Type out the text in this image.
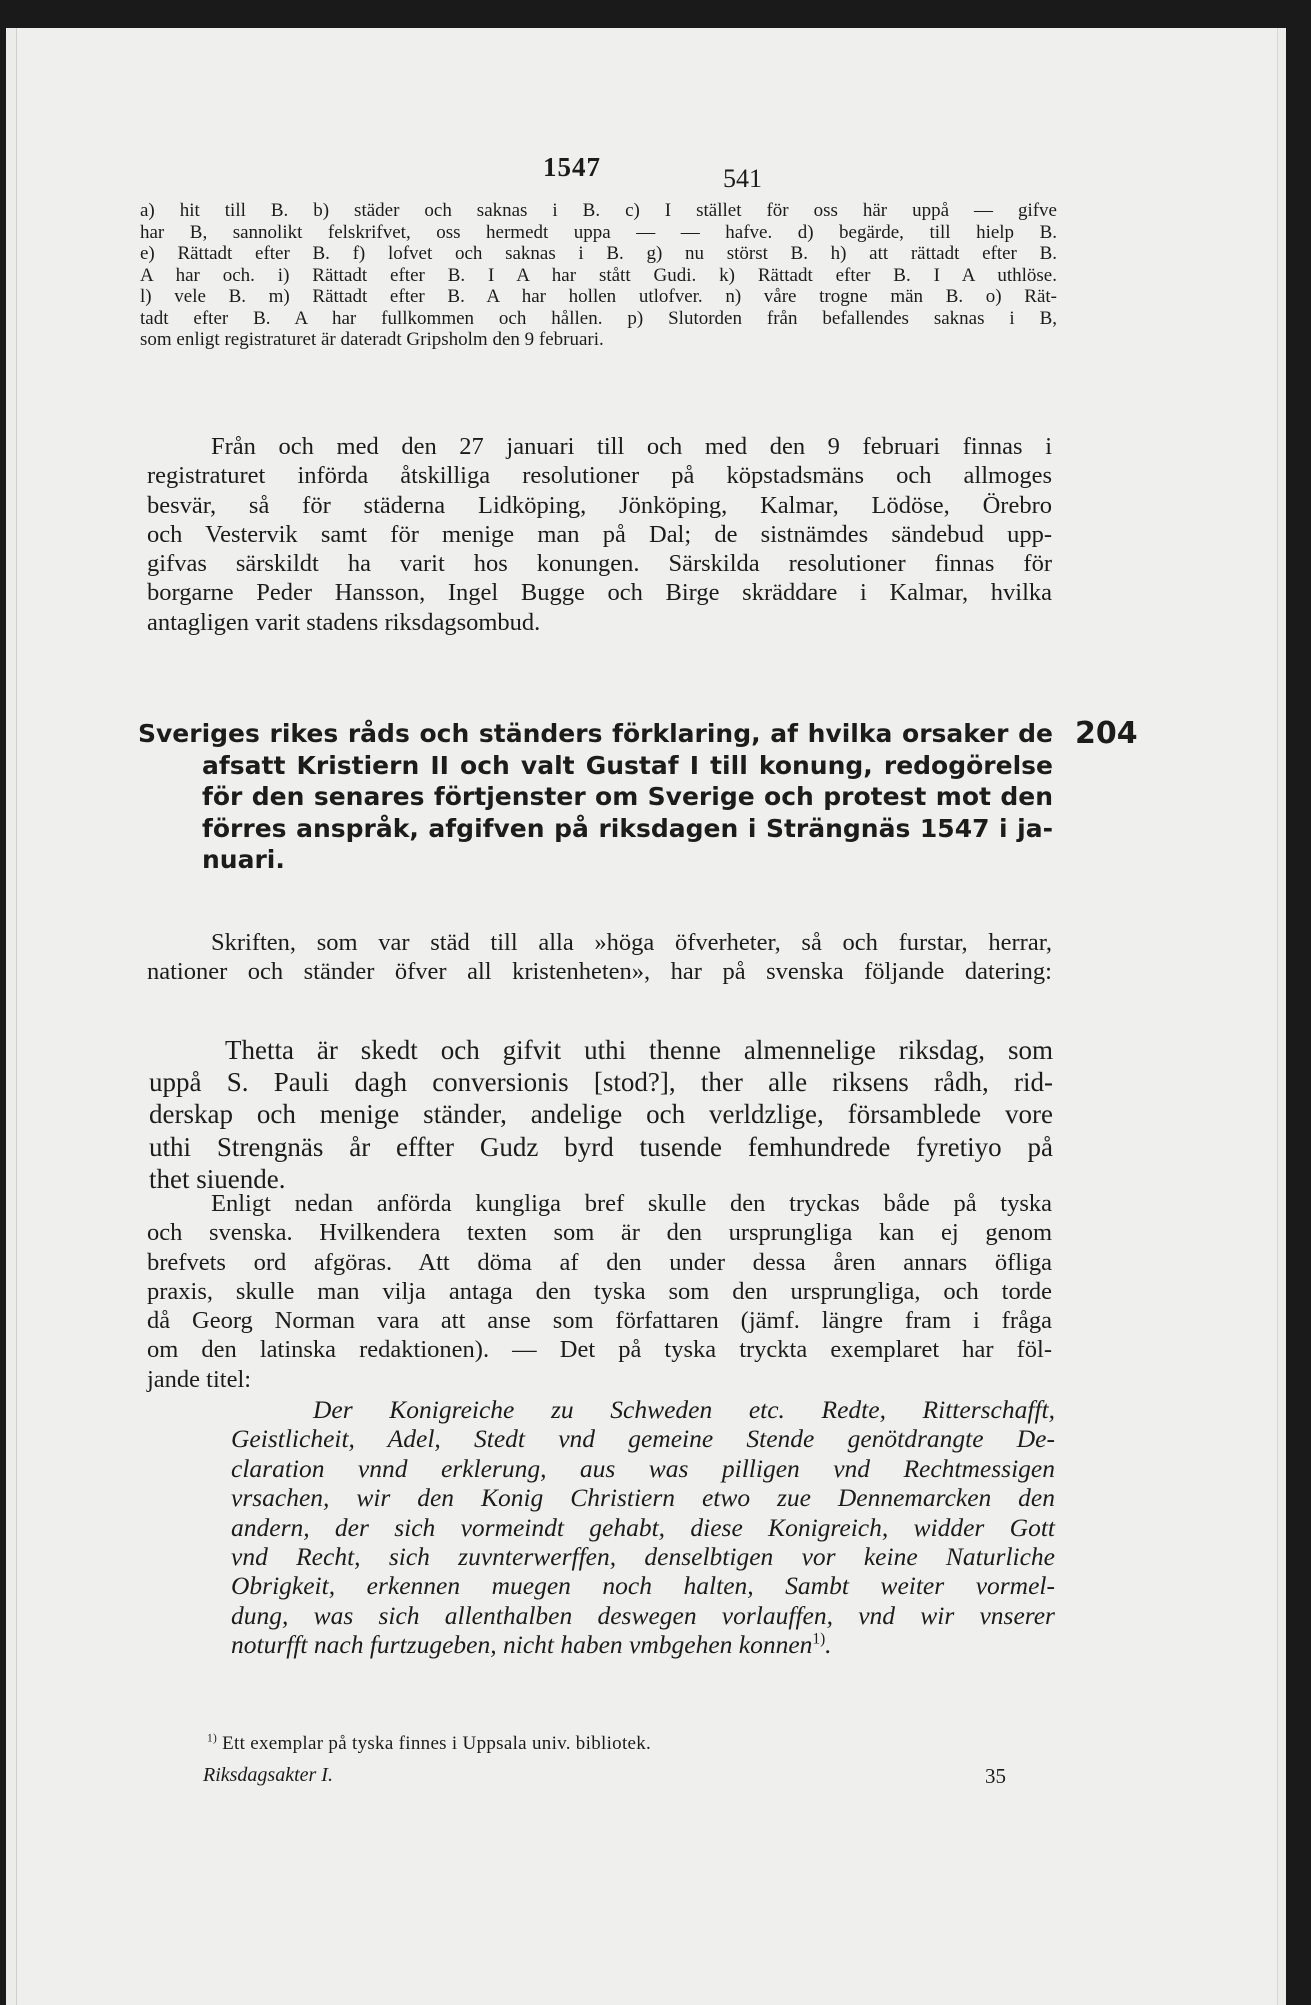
1547	541
a) hit till B. b) städer och saknas i B. c) I stället för oss här uppå — gifve
har B, sannolikt felskrifvet, oss hermedt uppa — — hafve. d) begärde, till hielp B.
e) Rättadt efter B. f) lofvet och saknas i B. g) nu störst B. h) att rättadt efter B.
A har och. i) Rättadt efter B. I A har stått Gudi. k) Rättadt efter B. I A uthlöse.
l) vele B. m) Rättadt efter B. A har hollen utlofver. n) våre trogne män B. o) Rät-
tadt efter B. A har fullkommen och hållen. p) Slutorden från befallendes saknas i B,
som enligt registraturet är dateradt Gripsholm den 9 februari.
Från och med den 27 januari till och med den 9 februari finnas i
registraturet införda åtskilliga resolutioner på köpstadsmäns och allmoges
besvär, så för städerna Lidköping, Jönköping, Kalmar, Lödöse, Örebro
och Vestervik samt för menige man på Dal; de sistnämdes sändebud upp-
gifvas särskildt ha varit hos konungen. Särskilda resolutioner finnas för
borgarne Peder Hansson, Ingel Bugge och Birge skräddare i Kalmar, hvilka
antagligen varit stadens riksdagsombud.
Sveriges rikes råds och ständers förklaring, af hvilka orsaker de
afsatt Kristiern II och valt Gustaf I till konung, redogörelse
för den senares förtjenster om Sverige och protest mot den
förres anspråk, afgifven på riksdagen i Strängnäs 1547 i ja-
nuari.
204
Skriften, som var städ till alla »höga öfverheter, så och furstar, herrar,
nationer och ständer öfver all kristenheten», har på svenska följande datering:
Thetta är skedt och gifvit uthi thenne almennelige riksdag, som
uppå S. Pauli dagh conversionis [stod?], ther alle riksens rådh, rid-
derskap och menige ständer, andelige och verldzlige, församblede vore
uthi Strengnäs år effter Gudz byrd tusende femhundrede fyretiyo på
thet siuende.
Enligt nedan anförda kungliga bref skulle den tryckas både på tyska
och svenska. Hvilkendera texten som är den ursprungliga kan ej genom
brefvets ord afgöras. Att döma af den under dessa åren annars öfliga
praxis, skulle man vilja antaga den tyska som den ursprungliga, och torde
då Georg Norman vara att anse som författaren (jämf. längre fram i fråga
om den latinska redaktionen). — Det på tyska tryckta exemplaret har föl-
jande titel:
Der Konigreiche zu Schweden etc. Redte, Ritterschafft,
Geistlicheit, Adel, Stedt vnd gemeine Stende genötdrangte De-
claration vnnd erklerung, aus was pilligen vnd Rechtmessigen
vrsachen, wir den Konig Christiern etwo zue Dennemarcken den
andern, der sich vormeindt gehabt, diese Konigreich, widder Gott
vnd Recht, sich zuvnterwerffen, denselbtigen vor keine Naturliche
Obrigkeit, erkennen muegen noch halten, Sambt weiter vormel-
dung, was sich allenthalben deswegen vorlauffen, vnd wir vnserer
noturfft nach furtzugeben, nicht haben vmbgehen konnen$^{1)}$.
$^{1)}$ Ett exemplar på tyska finnes i Uppsala univ. bibliotek.
Riksdagsakter I.	35
